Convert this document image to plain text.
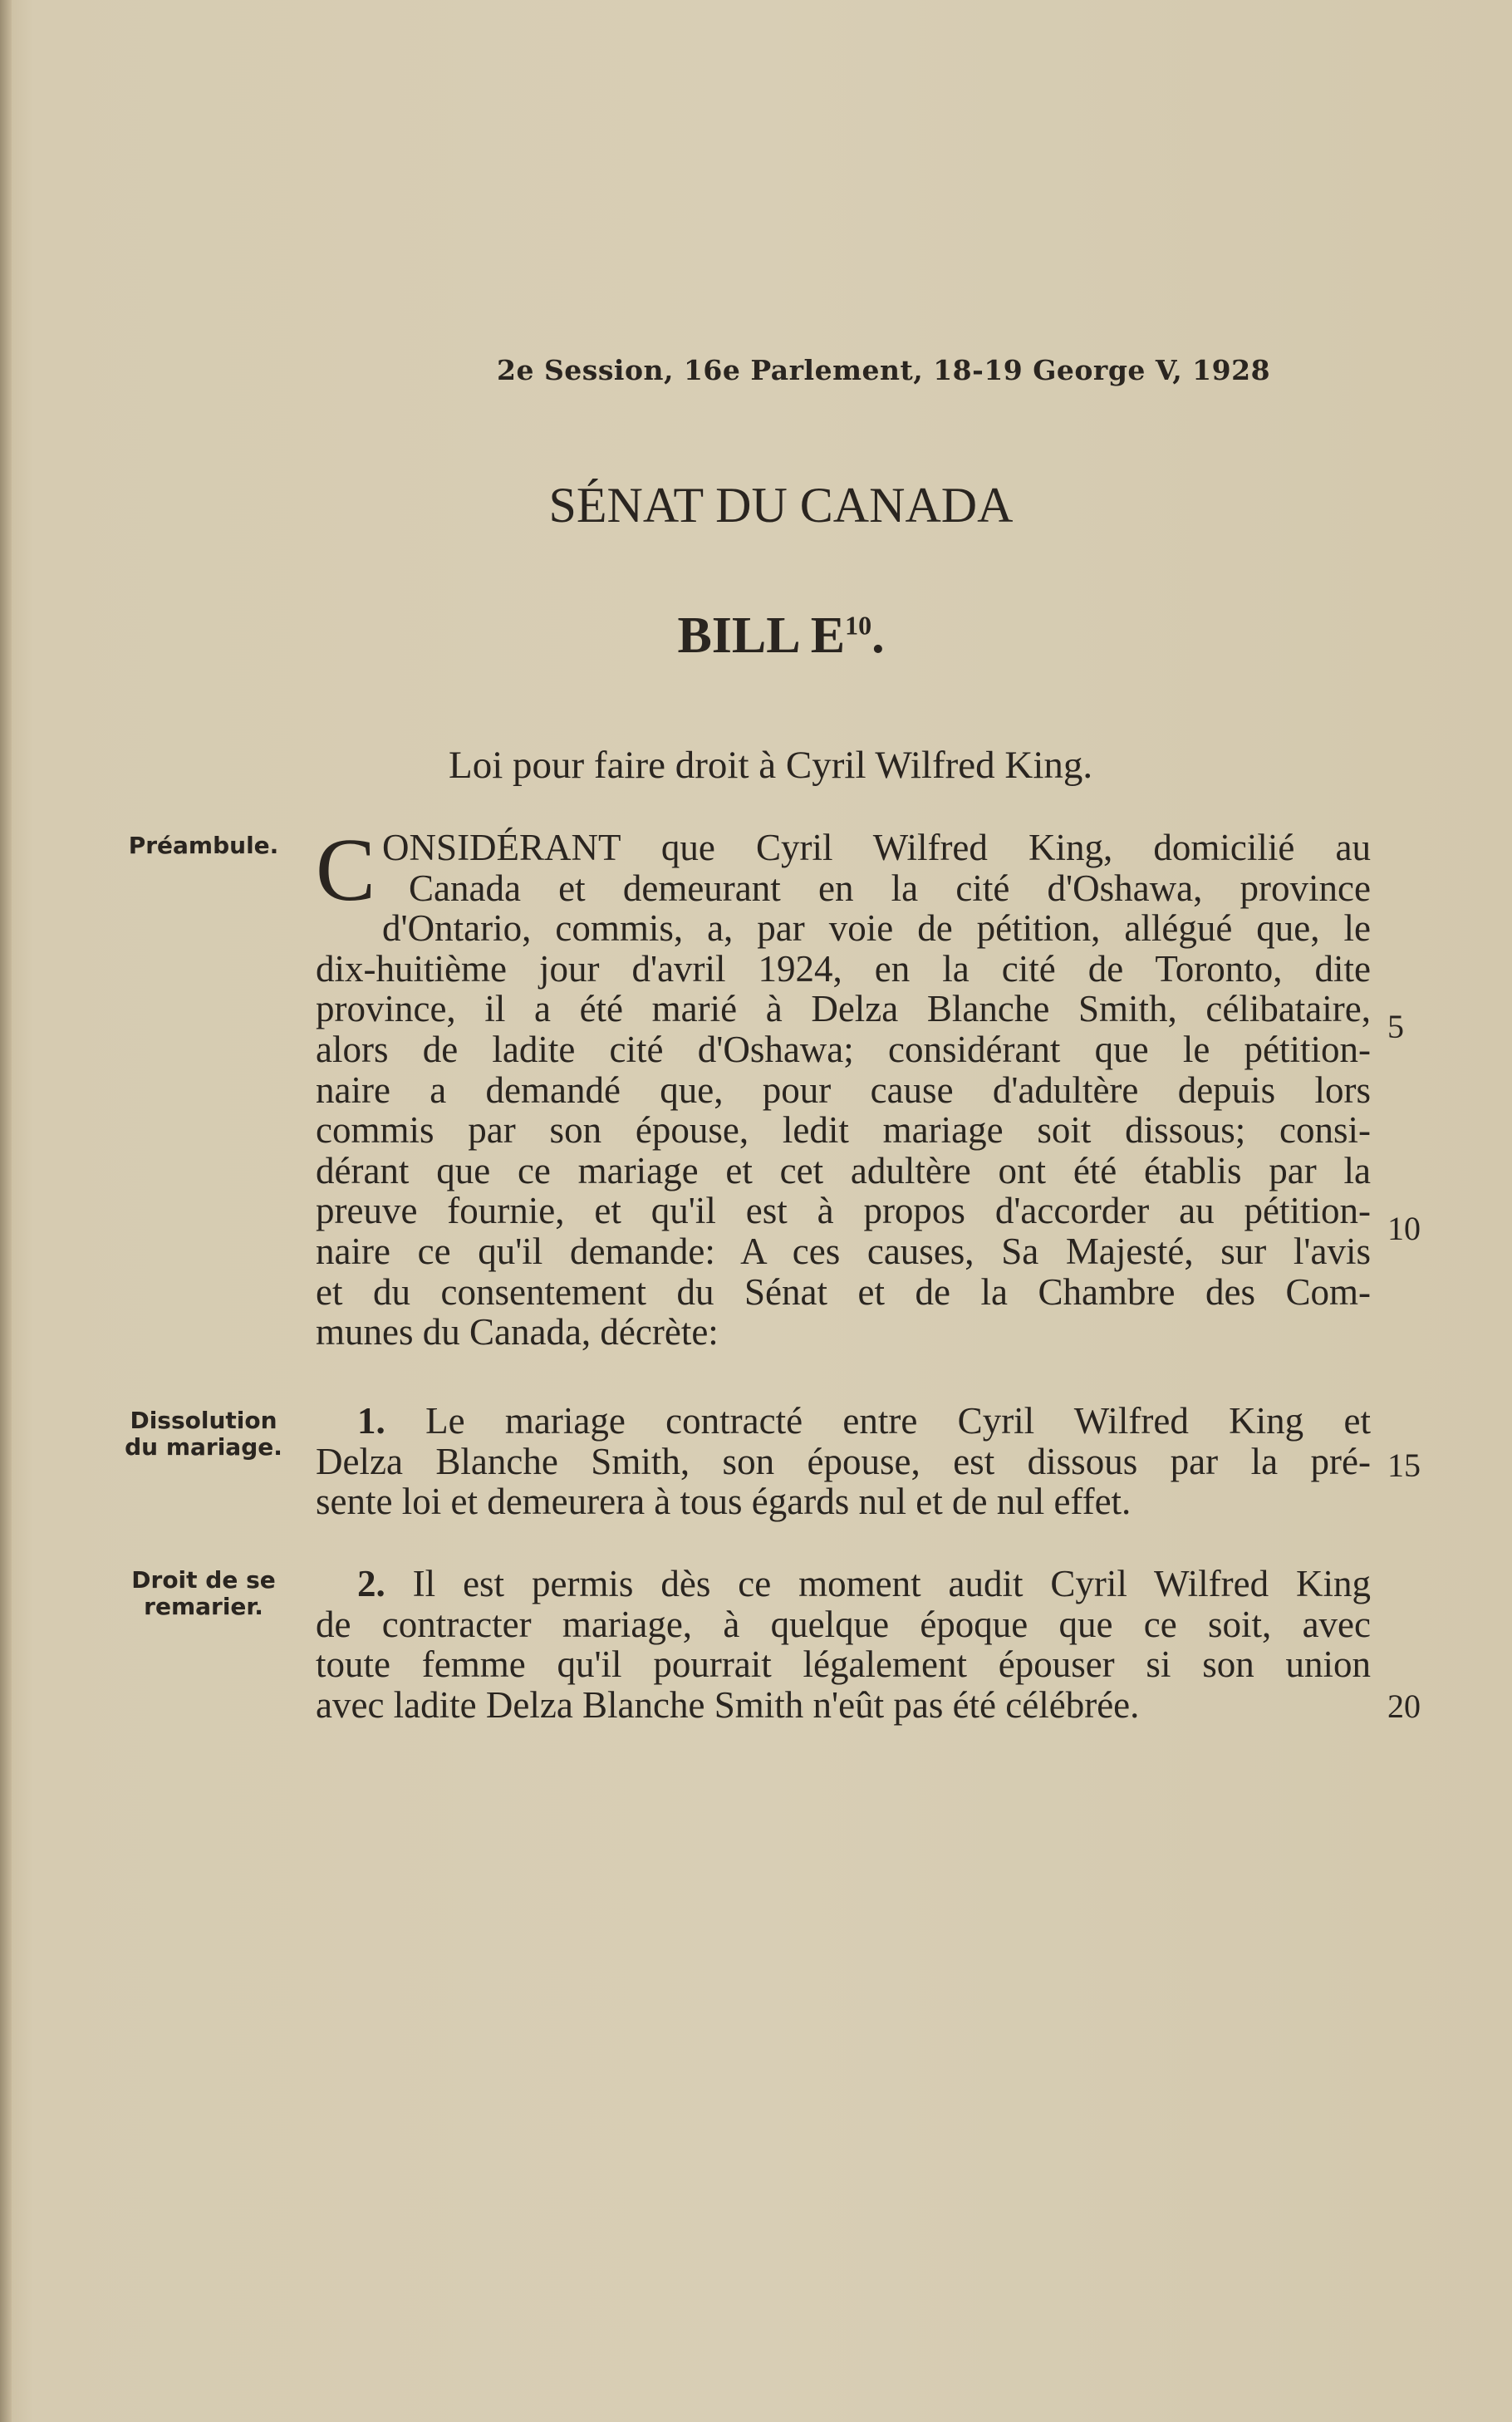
2e Session, 16e Parlement, 18-19 George V, 1928
SÉNAT DU CANADA
BILL $E^{10}$.
Loi pour faire droit à Cyril Wilfred King.
Préambule. C ONSIDÉRANT que Cyril Wilfred King, domicilié au
Canada et demeurant en la cité d'Oshawa, province
d'Ontario, commis, a, par voie de pétition, allégué que, le
dix-huitième jour d'avril 1924, en la cité de Toronto, dite
province, il a été marié à Delza Blanche Smith, célibataire,
alors de ladite cité d'Oshawa; considérant que le pétition-
naire a demandé que, pour cause d'adultère depuis lors
commis par son épouse, ledit mariage soit dissous; consi-
dérant que ce mariage et cet adultère ont été établis par la
preuve fournie, et qu'il est à propos d'accorder au pétition-
naire ce qu'il demande: A ces causes, Sa Majesté, sur l'avis
et du consentement du Sénat et de la Chambre des Com-
munes du Canada, décrète:
5
10
Dissolution du mariage.
1. Le mariage contracté entre Cyril Wilfred King et
Delza Blanche Smith, son épouse, est dissous par la pré-
sente loi et demeurera à tous égards nul et de nul effet.
15
Droit de se remarier.
2. Il est permis dès ce moment audit Cyril Wilfred King
de contracter mariage, à quelque époque que ce soit, avec
toute femme qu'il pourrait légalement épouser si son union
avec ladite Delza Blanche Smith n'eût pas été célébrée.	20
